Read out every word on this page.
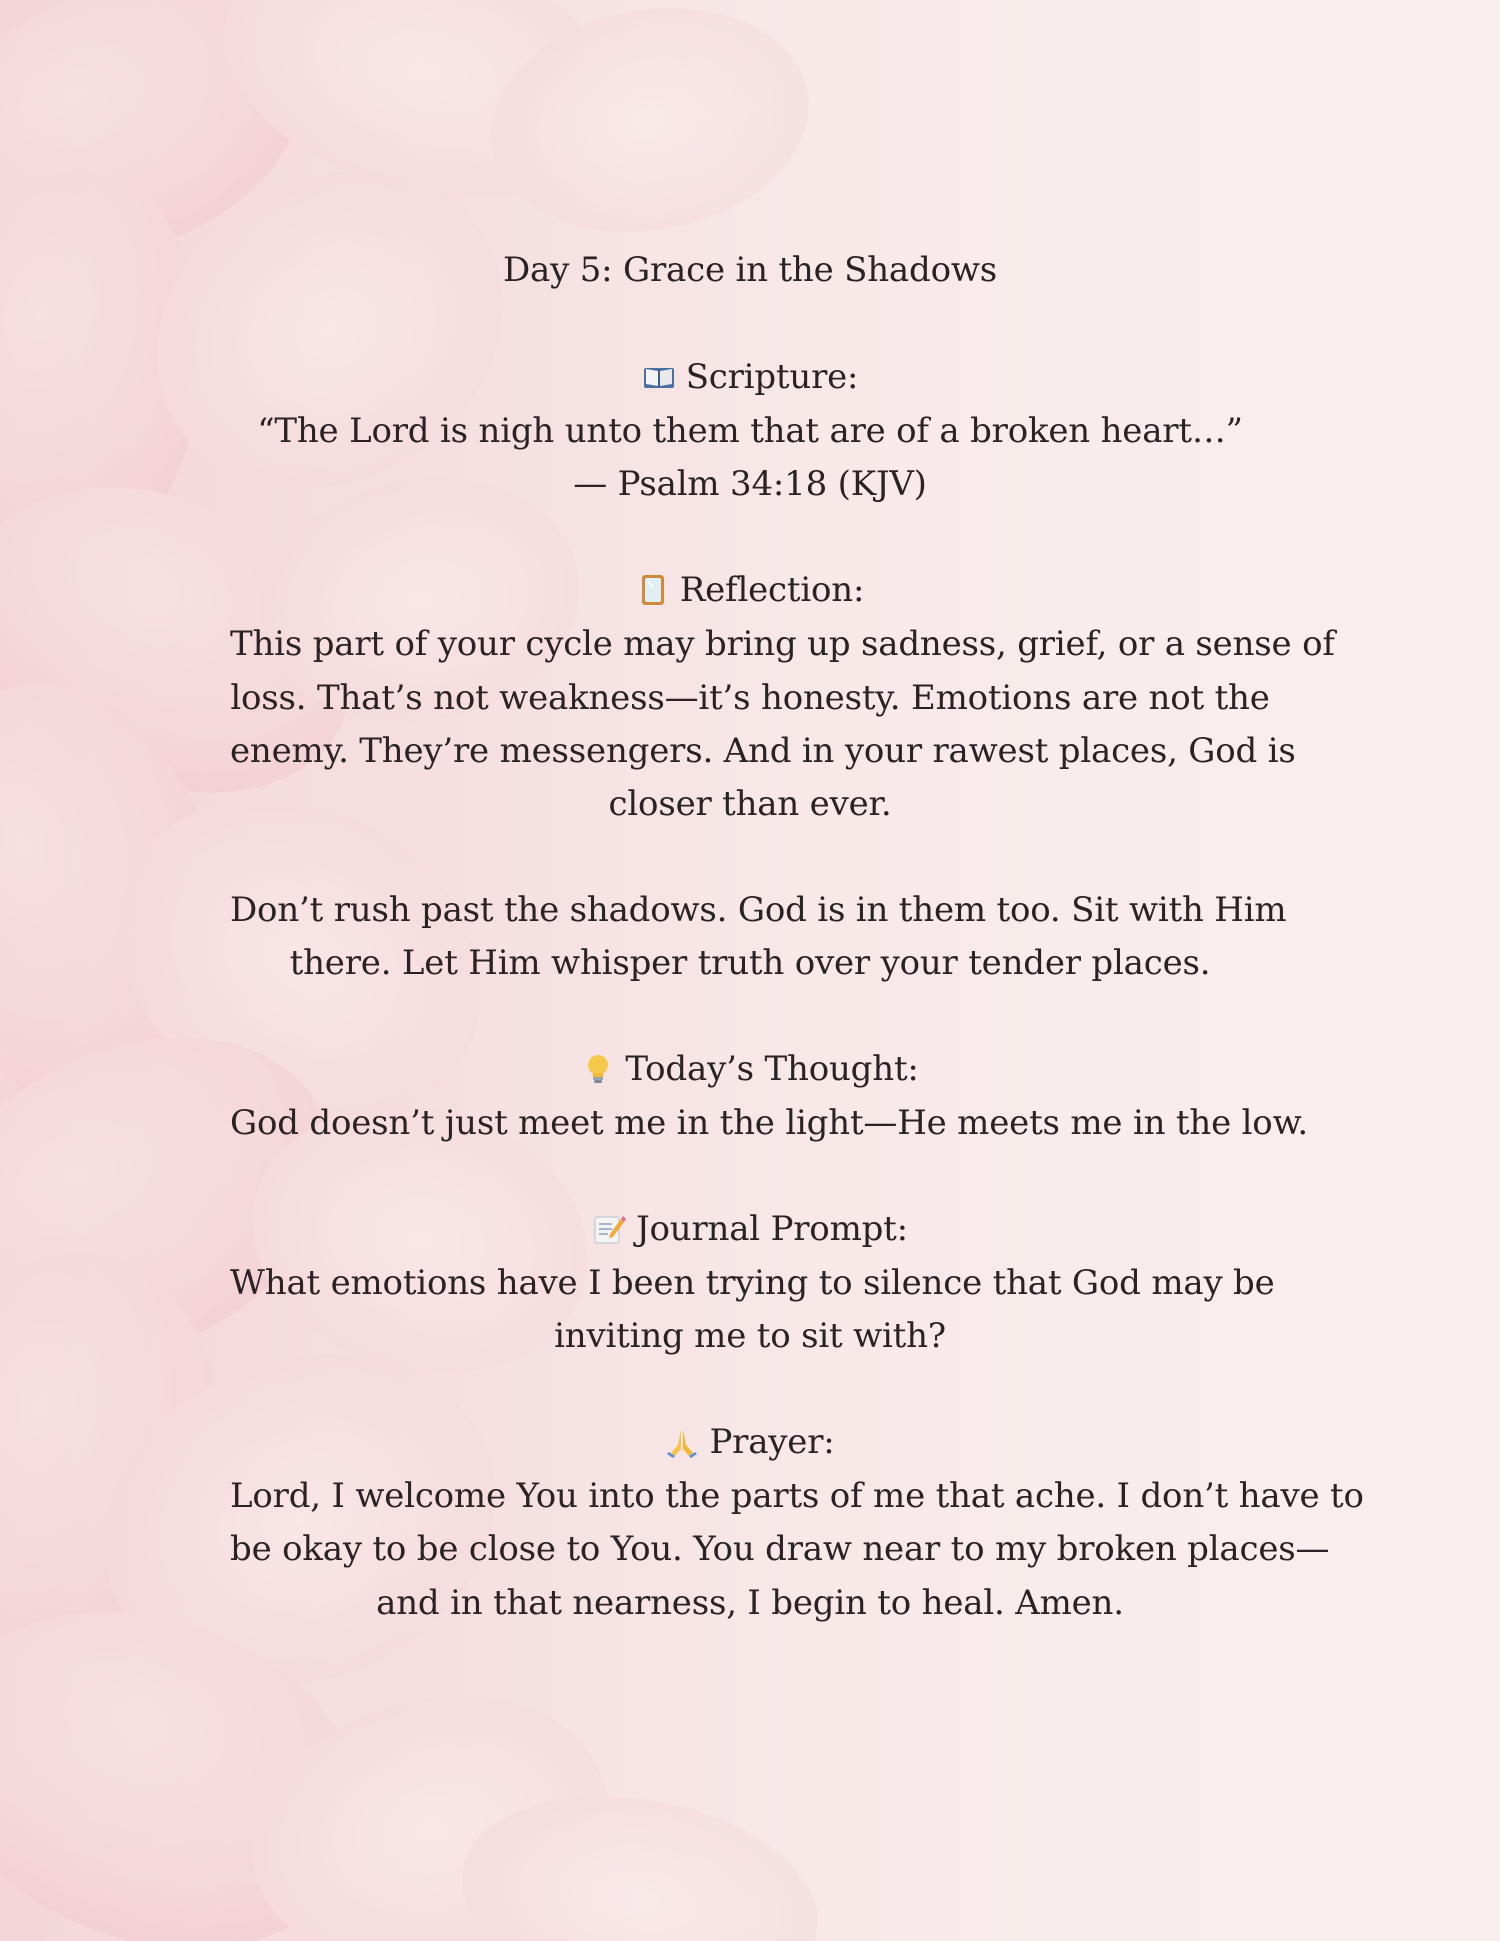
Day 5: Grace in the Shadows
Scripture:
“The Lord is nigh unto them that are of a broken heart…”
— Psalm 34:18 (KJV)
Reflection:
This part of your cycle may bring up sadness, grief, or a sense of
loss. That’s not weakness—it’s honesty. Emotions are not the
enemy. They’re messengers. And in your rawest places, God is
closer than ever.
Don’t rush past the shadows. God is in them too. Sit with Him
there. Let Him whisper truth over your tender places.
Today’s Thought:
God doesn’t just meet me in the light—He meets me in the low.
Journal Prompt:
What emotions have I been trying to silence that God may be
inviting me to sit with?
Prayer:
Lord, I welcome You into the parts of me that ache. I don’t have to
be okay to be close to You. You draw near to my broken places—
and in that nearness, I begin to heal. Amen.
